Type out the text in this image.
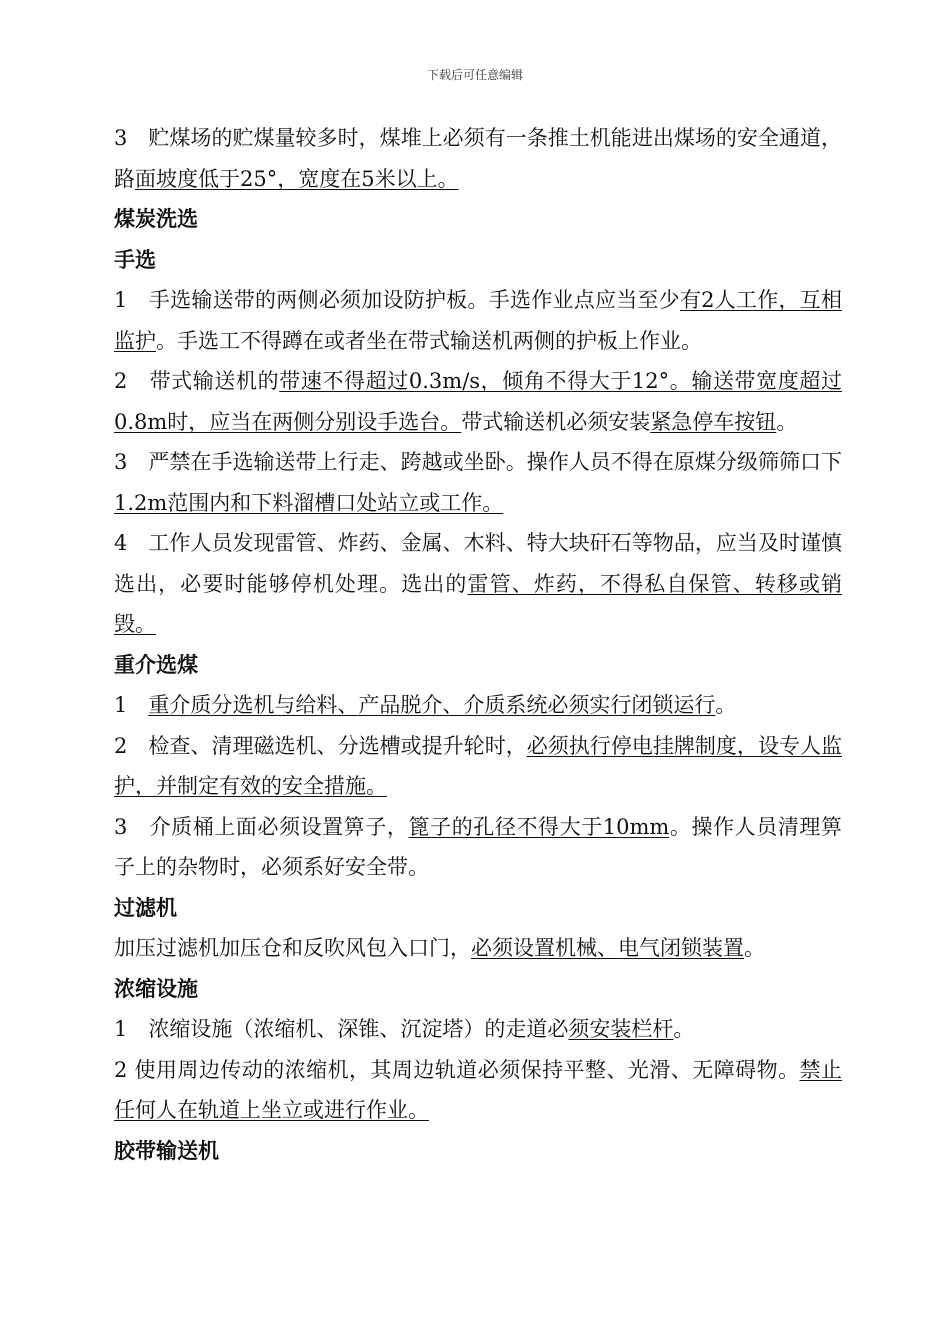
下载后可任意编辑

3　贮煤场的贮煤量较多时，煤堆上必须有一条推土机能进出煤场的安全通道，路面坡度低于25°，宽度在5米以上。

煤炭洗选
手选

1　手选输送带的两侧必须加设防护板。手选作业点应当至少有2人工作，互相监护。手选工不得蹲在或者坐在带式输送机两侧的护板上作业。

2　带式输送机的带速不得超过0.3m/s，倾角不得大于12°。输送带宽度超过0.8m时，应当在两侧分别设手选台。带式输送机必须安装紧急停车按钮。

3　严禁在手选输送带上行走、跨越或坐卧。操作人员不得在原煤分级筛筛口下1.2m范围内和下料溜槽口处站立或工作。

4　工作人员发现雷管、炸药、金属、木料、特大块矸石等物品，应当及时谨慎选出，必要时能够停机处理。选出的雷管、炸药，不得私自保管、转移或销毁。

重介选煤

1　重介质分选机与给料、产品脱介、介质系统必须实行闭锁运行。

2　检查、清理磁选机、分选槽或提升轮时，必须执行停电挂牌制度，设专人监护，并制定有效的安全措施。

3　介质桶上面必须设置箅子，篦子的孔径不得大于10mm。操作人员清理箅子上的杂物时，必须系好安全带。

过滤机

加压过滤机加压仓和反吹风包入口门，必须设置机械、电气闭锁装置。

浓缩设施

1　浓缩设施（浓缩机、深锥、沉淀塔）的走道必须安装栏杆。

2 使用周边传动的浓缩机，其周边轨道必须保持平整、光滑、无障碍物。禁止任何人在轨道上坐立或进行作业。

胶带输送机
